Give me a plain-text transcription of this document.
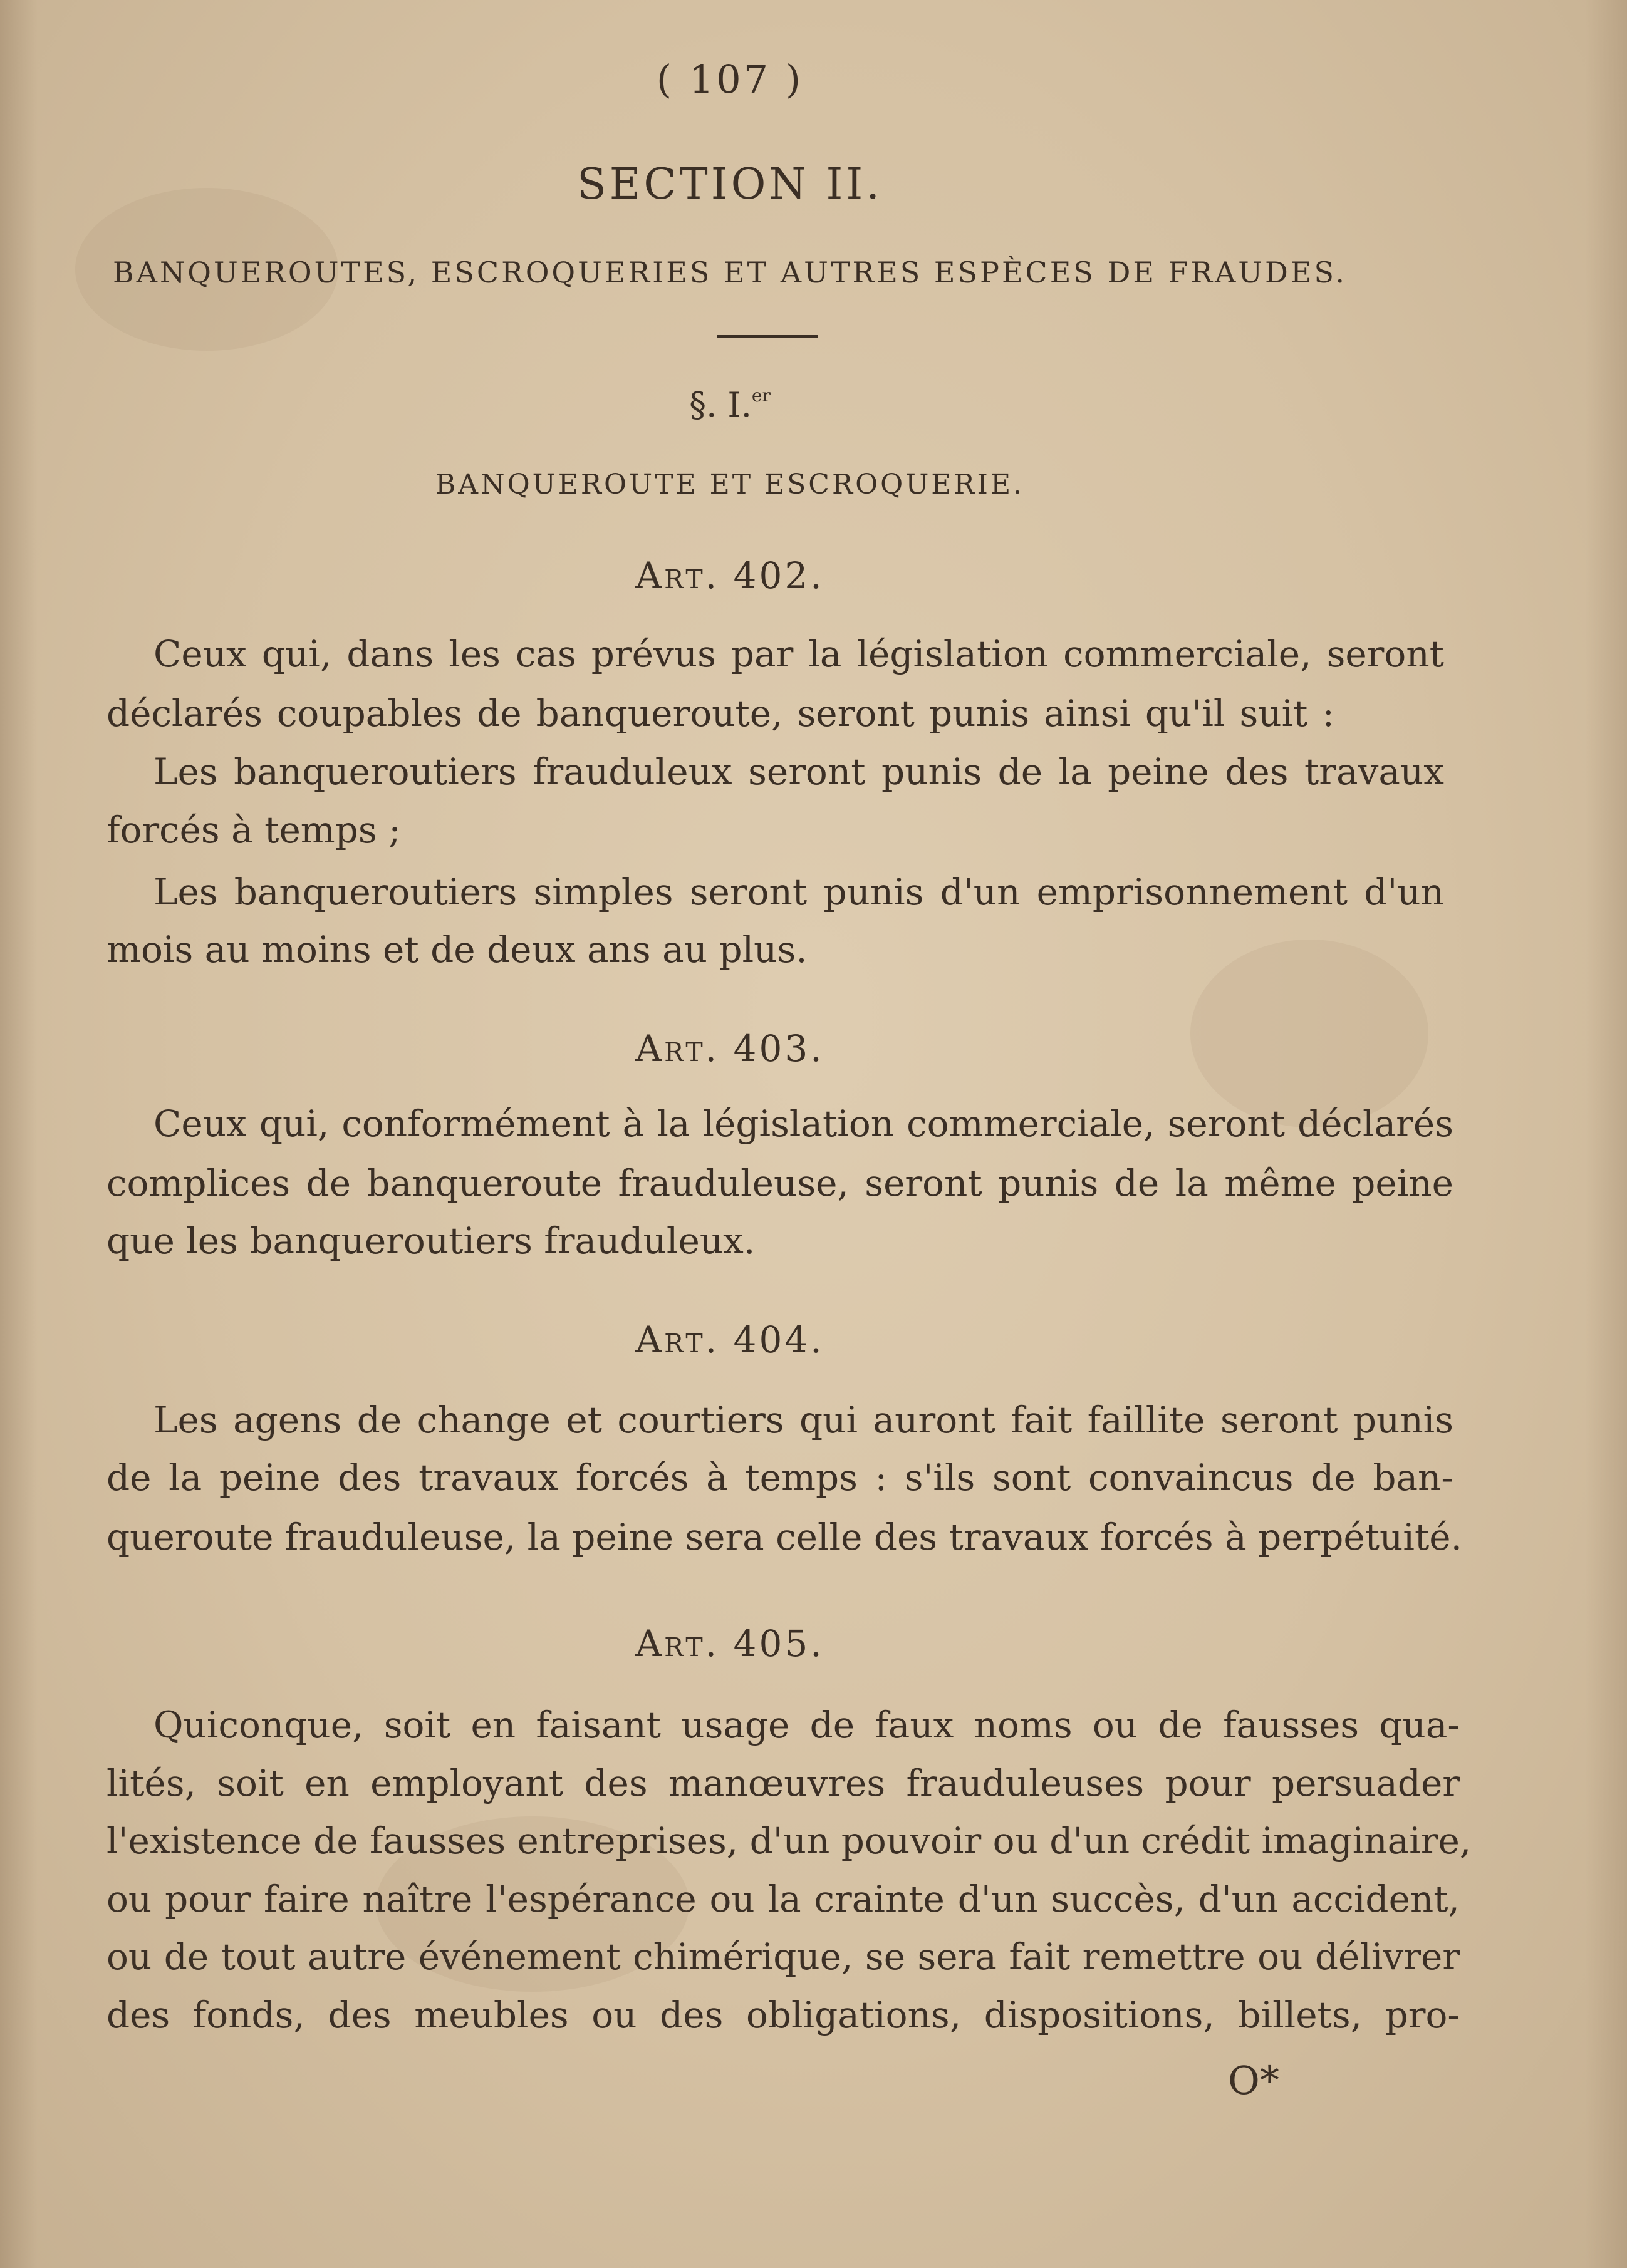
( 107 )
SECTION II.
BANQUEROUTES, ESCROQUERIES ET AUTRES ESPÈCES DE FRAUDES.
§. I.$^{er}$
BANQUEROUTE ET ESCROQUERIE.
Art. 402.
Ceux qui, dans les cas prévus par la législation commerciale, seront
déclarés coupables de banqueroute, seront punis ainsi qu'il suit :
Les banqueroutiers frauduleux seront punis de la peine des travaux
forcés à temps ;
Les banqueroutiers simples seront punis d'un emprisonnement d'un
mois au moins et de deux ans au plus.
Art. 403.
Ceux qui, conformément à la législation commerciale, seront déclarés
complices de banqueroute frauduleuse, seront punis de la même peine
que les banqueroutiers frauduleux.
Art. 404.
Les agens de change et courtiers qui auront fait faillite seront punis
de la peine des travaux forcés à temps : s'ils sont convaincus de ban-
queroute frauduleuse, la peine sera celle des travaux forcés à perpétuité.
Art. 405.
Quiconque, soit en faisant usage de faux noms ou de fausses qua-
lités, soit en employant des manœuvres frauduleuses pour persuader
l'existence de fausses entreprises, d'un pouvoir ou d'un crédit imaginaire,
ou pour faire naître l'espérance ou la crainte d'un succès, d'un accident,
ou de tout autre événement chimérique, se sera fait remettre ou délivrer
des fonds, des meubles ou des obligations, dispositions, billets, pro-
O*
